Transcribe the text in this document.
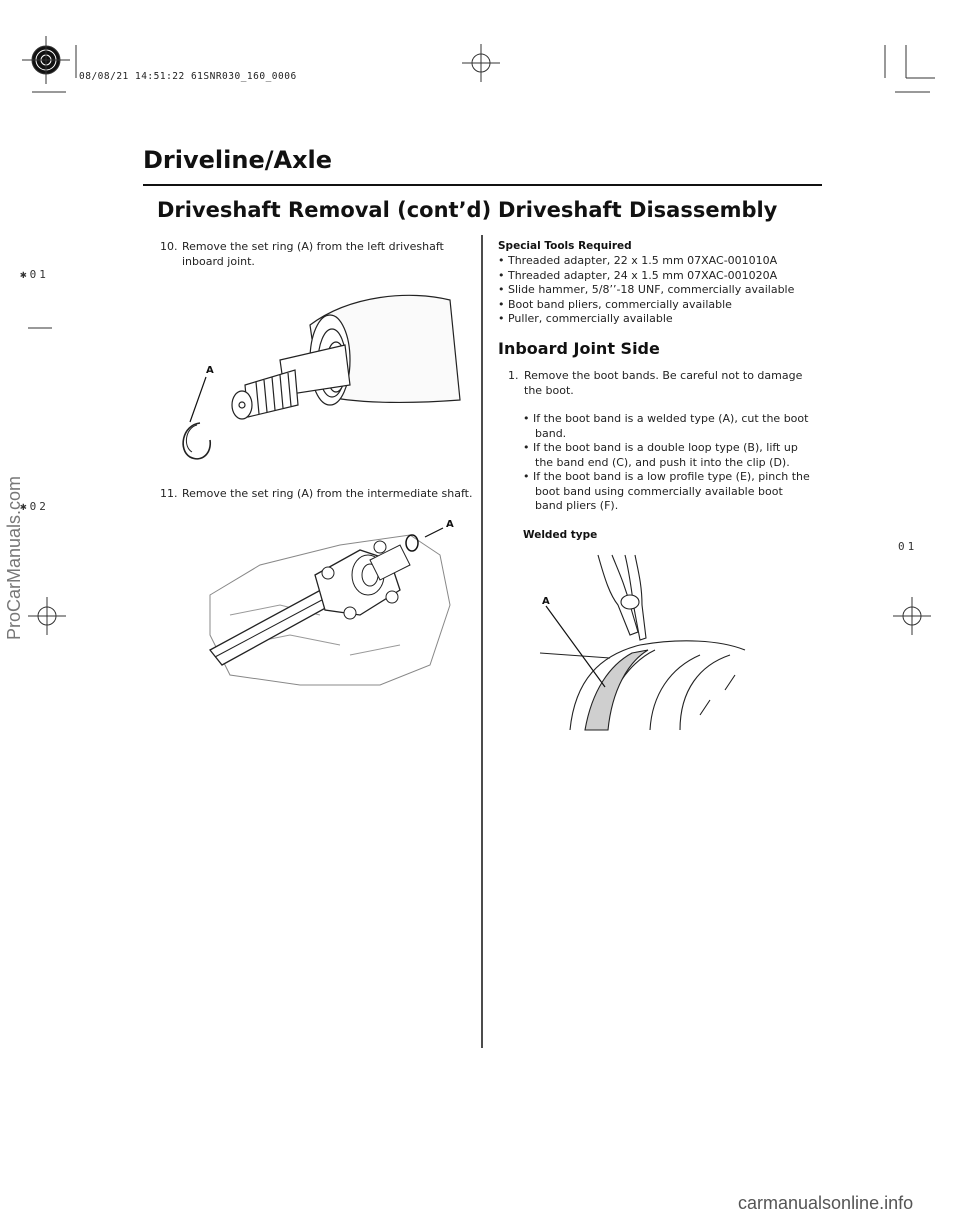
08/08/21 14:51:22 61SNR030_160_0006
ProCarManuals.com
✱01
✱02
01
Driveline/Axle
Driveshaft Removal (cont’d)
10. Remove the set ring (A) from the left driveshaft
inboard joint.
A
11. Remove the set ring (A) from the intermediate shaft.
A
Driveshaft Disassembly
Special Tools Required
• Threaded adapter, 22 x 1.5 mm 07XAC-001010A
• Threaded adapter, 24 x 1.5 mm 07XAC-001020A
• Slide hammer, 5/8’’-18 UNF, commercially available
• Boot band pliers, commercially available
• Puller, commercially available
Inboard Joint Side
1. Remove the boot bands. Be careful not to damage
the boot.
• If the boot band is a welded type (A), cut the boot
band.
• If the boot band is a double loop type (B), lift up
the band end (C), and push it into the clip (D).
• If the boot band is a low profile type (E), pinch the
boot band using commercially available boot
band pliers (F).
Welded type
A
carmanualsonline.info
